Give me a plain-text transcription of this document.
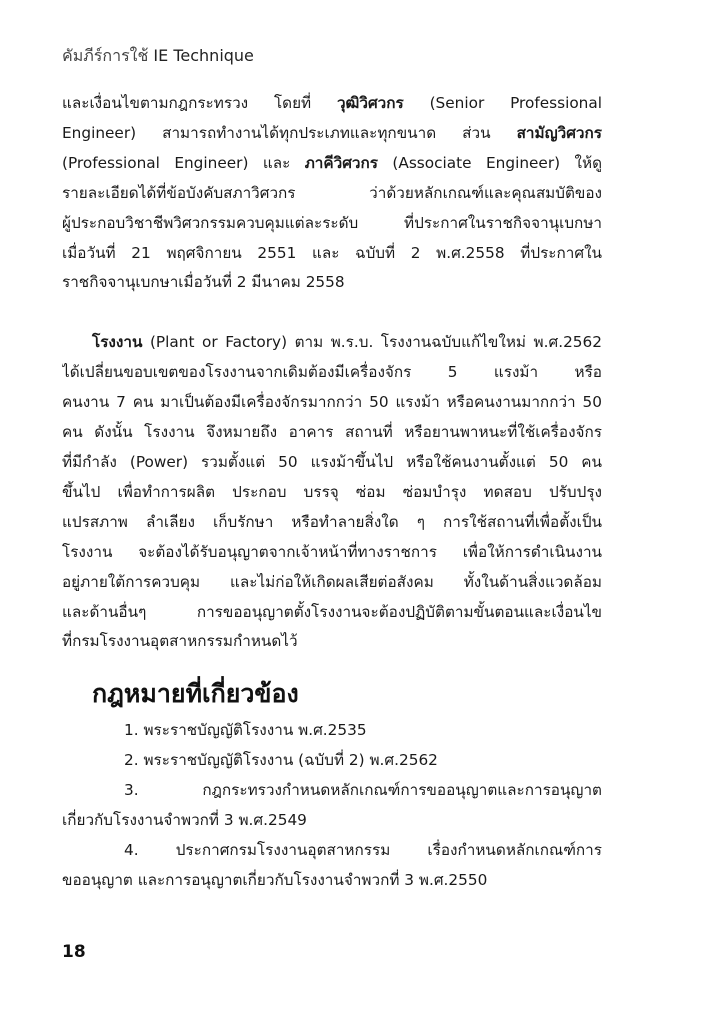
คัมภีร์การใช้ IE Technique

และเงื่อนไขตามกฎกระทรวง โดยที่ วุฒิวิศวกร (Senior Professional

Engineer) สามารถทำงานได้ทุกประเภทและทุกขนาด ส่วน สามัญวิศวกร

(Professional Engineer) และ ภาคีวิศวกร (Associate Engineer) ให้ดู

รายละเอียดได้ที่ข้อบังคับสภาวิศวกร ว่าด้วยหลักเกณฑ์และคุณสมบัติของ

ผู้ประกอบวิชาชีพวิศวกรรมควบคุมแต่ละระดับ ที่ประกาศในราชกิจจานุเบกษา

เมื่อวันที่ 21 พฤศจิกายน 2551 และ ฉบับที่ 2 พ.ศ.2558 ที่ประกาศใน

ราชกิจจานุเบกษาเมื่อวันที่ 2 มีนาคม 2558

โรงงาน (Plant or Factory) ตาม พ.ร.บ. โรงงานฉบับแก้ไขใหม่ พ.ศ.2562

ได้เปลี่ยนขอบเขตของโรงงานจากเดิมต้องมีเครื่องจักร 5 แรงม้า หรือ

คนงาน 7 คน มาเป็นต้องมีเครื่องจักรมากกว่า 50 แรงม้า หรือคนงานมากกว่า 50

คน ดังนั้น โรงงาน จึงหมายถึง อาคาร สถานที่ หรือยานพาหนะที่ใช้เครื่องจักร

ที่มีกำลัง (Power) รวมตั้งแต่ 50 แรงม้าขึ้นไป หรือใช้คนงานตั้งแต่ 50 คน

ขึ้นไป เพื่อทำการผลิต ประกอบ บรรจุ ซ่อม ซ่อมบำรุง ทดสอบ ปรับปรุง

แปรสภาพ ลำเลียง เก็บรักษา หรือทำลายสิ่งใด ๆ การใช้สถานที่เพื่อตั้งเป็น

โรงงาน จะต้องได้รับอนุญาตจากเจ้าหน้าที่ทางราชการ เพื่อให้การดำเนินงาน

อยู่ภายใต้การควบคุม และไม่ก่อให้เกิดผลเสียต่อสังคม ทั้งในด้านสิ่งแวดล้อม

และด้านอื่นๆ การขออนุญาตตั้งโรงงานจะต้องปฏิบัติตามขั้นตอนและเงื่อนไข

ที่กรมโรงงานอุตสาหกรรมกำหนดไว้

กฎหมายที่เกี่ยวข้อง

1. พระราชบัญญัติโรงงาน พ.ศ.2535

2. พระราชบัญญัติโรงงาน (ฉบับที่ 2) พ.ศ.2562

3. กฎกระทรวงกำหนดหลักเกณฑ์การขออนุญาตและการอนุญาต

เกี่ยวกับโรงงานจำพวกที่ 3 พ.ศ.2549

4. ประกาศกรมโรงงานอุตสาหกรรม เรื่องกำหนดหลักเกณฑ์การ

ขออนุญาต และการอนุญาตเกี่ยวกับโรงงานจำพวกที่ 3 พ.ศ.2550

18
